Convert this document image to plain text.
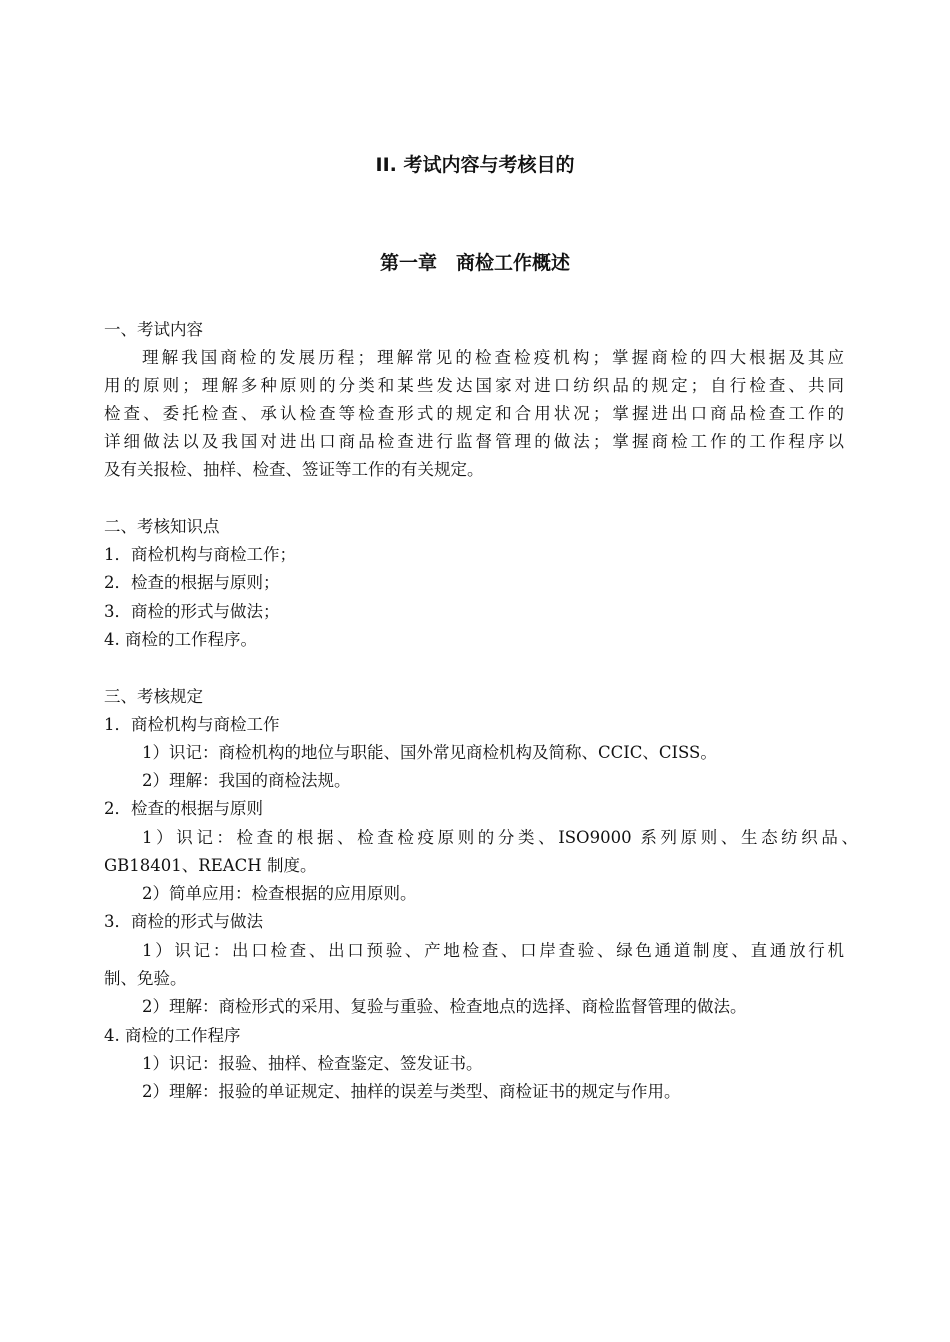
II. 考试内容与考核目的
第一章　商检工作概述
一、考试内容
理解我国商检的发展历程；理解常见的检查检疫机构；掌握商检的四大根据及其应
用的原则；理解多种原则的分类和某些发达国家对进口纺织品的规定；自行检查、共同
检查、委托检查、承认检查等检查形式的规定和合用状况；掌握进出口商品检查工作的
详细做法以及我国对进出口商品检查进行监督管理的做法；掌握商检工作的工作程序以
及有关报检、抽样、检查、签证等工作的有关规定。
二、考核知识点
1．商检机构与商检工作；
2．检查的根据与原则；
3．商检的形式与做法；
4. 商检的工作程序。
三、考核规定
1．商检机构与商检工作
1）识记：商检机构的地位与职能、国外常见商检机构及简称、CCIC、CISS。
2）理解：我国的商检法规。
2．检查的根据与原则
1）识记：检查的根据、检查检疫原则的分类、ISO9000 系列原则、生态纺织品、
GB18401、REACH 制度。
2）简单应用：检查根据的应用原则。
3．商检的形式与做法
1）识记：出口检查、出口预验、产地检查、口岸查验、绿色通道制度、直通放行机
制、免验。
2）理解：商检形式的采用、复验与重验、检查地点的选择、商检监督管理的做法。
4. 商检的工作程序
1）识记：报验、抽样、检查鉴定、签发证书。
2）理解：报验的单证规定、抽样的误差与类型、商检证书的规定与作用。
